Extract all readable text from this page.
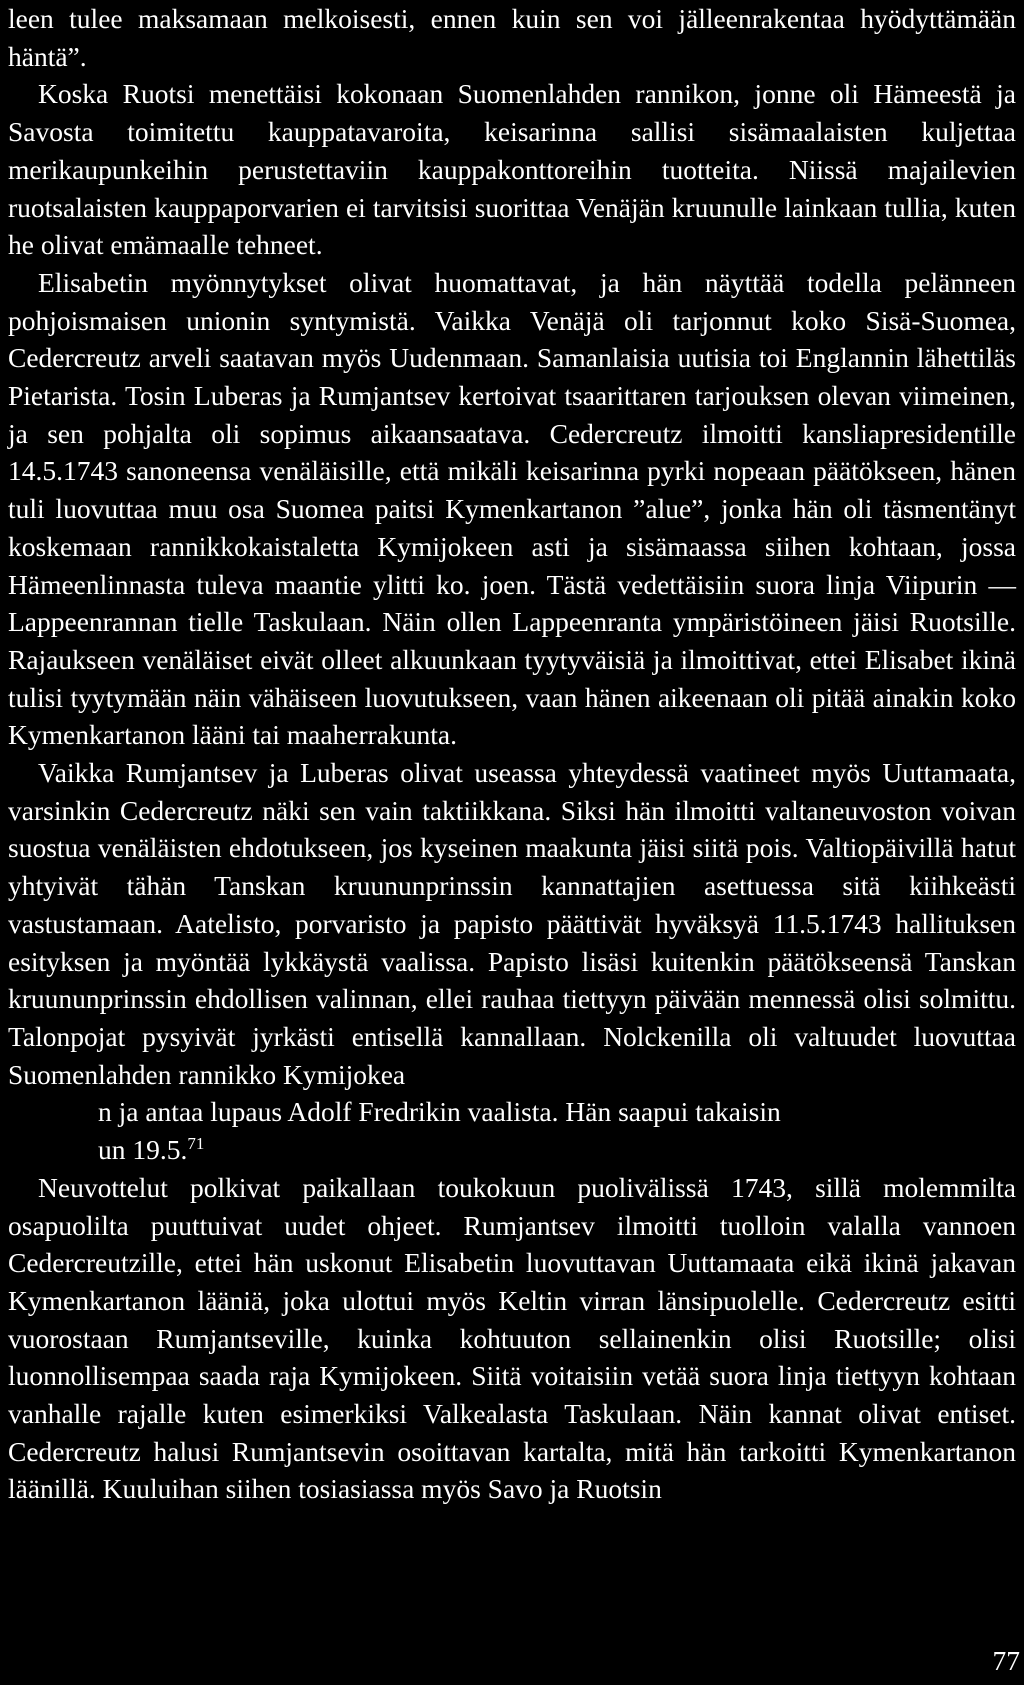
leen tulee maksamaan melkoisesti, ennen kuin sen voi jälleenrakentaa hyödyttämään häntä”.

Koska Ruotsi menettäisi kokonaan Suomenlahden rannikon, jonne oli Hämeestä ja Savosta toimitettu kauppatavaroita, keisarinna sallisi sisämaalaisten kuljettaa merikaupunkeihin perustettaviin kauppakonttoreihin tuotteita. Niissä majailevien ruotsalaisten kauppaporvarien ei tarvitsisi suorittaa Venäjän kruunulle lainkaan tullia, kuten he olivat emämaalle tehneet.

Elisabetin myönnytykset olivat huomattavat, ja hän näyttää todella pelänneen pohjoismaisen unionin syntymistä. Vaikka Venäjä oli tarjonnut koko Sisä-Suomea, Cedercreutz arveli saatavan myös Uudenmaan. Samanlaisia uutisia toi Englannin lähettiläs Pietarista. Tosin Luberas ja Rumjantsev kertoivat tsaarittaren tarjouksen olevan viimeinen, ja sen pohjalta oli sopimus aikaansaatava. Cedercreutz ilmoitti kansliapresidentille 14.5.1743 sanoneensa venäläisille, että mikäli keisarinna pyrki nopeaan päätökseen, hänen tuli luovuttaa muu osa Suomea paitsi Kymenkartanon ”alue”, jonka hän oli täsmentänyt koskemaan rannikkokaistaletta Kymijokeen asti ja sisämaassa siihen kohtaan, jossa Hämeenlinnasta tuleva maantie ylitti ko. joen. Tästä vedettäisiin suora linja Viipurin — Lappeenrannan tielle Taskulaan. Näin ollen Lappeenranta ympäristöineen jäisi Ruotsille. Rajaukseen venäläiset eivät olleet alkuunkaan tyytyväisiä ja ilmoittivat, ettei Elisabet ikinä tulisi tyytymään näin vähäiseen luovutukseen, vaan hänen aikeenaan oli pitää ainakin koko Kymenkartanon lääni tai maaherrakunta.

Vaikka Rumjantsev ja Luberas olivat useassa yhteydessä vaatineet myös Uuttamaata, varsinkin Cedercreutz näki sen vain taktiikkana. Siksi hän ilmoitti valtaneuvoston voivan suostua venäläisten ehdotukseen, jos kyseinen maakunta jäisi siitä pois. Valtiopäivillä hatut yhtyivät tähän Tanskan kruununprinssin kannattajien asettuessa sitä kiihkeästi vastustamaan. Aatelisto, porvaristo ja papisto päättivät hyväksyä 11.5.1743 hallituksen esityksen ja myöntää lykkäystä vaalissa. Papisto lisäsi kuitenkin päätökseensä Tanskan kruununprinssin ehdollisen valinnan, ellei rauhaa tiettyyn päivään mennessä olisi solmittu. Talonpojat pysyivät jyrkästi entisellä kannallaan. Nolckenilla oli valtuudet luovuttaa Suomenlahden rannikko Kymijokea

n ja antaa lupaus Adolf Fredrikin vaalista. Hän saapui takaisin
un 19.5.71

Neuvottelut polkivat paikallaan toukokuun puolivälissä 1743, sillä molemmilta osapuolilta puuttuivat uudet ohjeet. Rumjantsev ilmoitti tuolloin valalla vannoen Cedercreutzille, ettei hän uskonut Elisabetin luovuttavan Uuttamaata eikä ikinä jakavan Kymenkartanon lääniä, joka ulottui myös Keltin virran länsipuolelle. Cedercreutz esitti vuorostaan Rumjantseville, kuinka kohtuuton sellainenkin olisi Ruotsille; olisi luonnollisempaa saada raja Kymijokeen. Siitä voitaisiin vetää suora linja tiettyyn kohtaan vanhalle rajalle kuten esimerkiksi Valkealasta Taskulaan. Näin kannat olivat entiset. Cedercreutz halusi Rumjantsevin osoittavan kartalta, mitä hän tarkoitti Kymenkartanon läänillä. Kuuluihan siihen tosiasiassa myös Savo ja Ruotsin

77
